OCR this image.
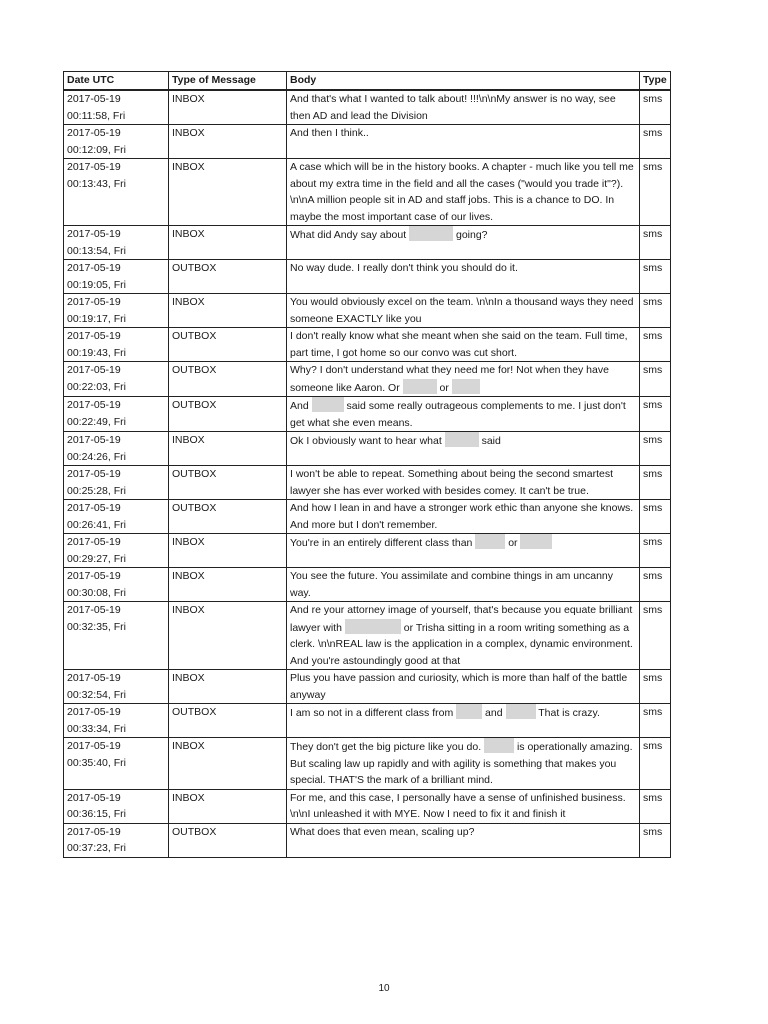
Date UTC	Type of Message	Body	Type

2017-05-19
00:11:58, Fri	INBOX	And that's what I wanted to talk about! !!!\n\nMy answer is no way, see then AD and lead the Division	sms

2017-05-19
00:12:09, Fri	INBOX	And then I think..	sms

2017-05-19
00:13:43, Fri	INBOX	A case which will be in the history books. A chapter - much like you tell me about my extra time in the field and all the cases ("would you trade it"?). \n\nA million people sit in AD and staff jobs. This is a chance to DO. In maybe the most important case of our lives.	sms

2017-05-19
00:13:54, Fri	INBOX	What did Andy say about going?	sms

2017-05-19
00:19:05, Fri	OUTBOX	No way dude. I really don't think you should do it.	sms

2017-05-19
00:19:17, Fri	INBOX	You would obviously excel on the team. \n\nIn a thousand ways they need someone EXACTLY like you	sms

2017-05-19
00:19:43, Fri	OUTBOX	I don't really know what she meant when she said on the team. Full time, part time, I got home so our convo was cut short.	sms

2017-05-19
00:22:03, Fri	OUTBOX	Why? I don't understand what they need me for! Not when they have someone like Aaron. Or or	sms

2017-05-19
00:22:49, Fri	OUTBOX	And said some really outrageous complements to me. I just don't get what she even means.	sms

2017-05-19
00:24:26, Fri	INBOX	Ok I obviously want to hear what said	sms

2017-05-19
00:25:28, Fri	OUTBOX	I won't be able to repeat. Something about being the second smartest lawyer she has ever worked with besides comey. It can't be true.	sms

2017-05-19
00:26:41, Fri	OUTBOX	And how I lean in and have a stronger work ethic than anyone she knows. And more but I don't remember.	sms

2017-05-19
00:29:27, Fri	INBOX	You're in an entirely different class than or	sms

2017-05-19
00:30:08, Fri	INBOX	You see the future. You assimilate and combine things in am uncanny way.	sms

2017-05-19
00:32:35, Fri	INBOX	And re your attorney image of yourself, that's because you equate brilliant lawyer with or Trisha sitting in a room writing something as a clerk. \n\nREAL law is the application in a complex, dynamic environment. And you're astoundingly good at that	sms

2017-05-19
00:32:54, Fri	INBOX	Plus you have passion and curiosity, which is more than half of the battle anyway	sms

2017-05-19
00:33:34, Fri	OUTBOX	I am so not in a different class from  and That is crazy.	sms

2017-05-19
00:35:40, Fri	INBOX	They don't get the big picture like you do. is operationally amazing. But scaling law up rapidly and with agility is something that makes you special. THAT'S the mark of a brilliant mind.	sms

2017-05-19
00:36:15, Fri	INBOX	For me, and this case, I personally have a sense of unfinished business. \n\nI unleashed it with MYE. Now I need to fix it and finish it	sms

2017-05-19
00:37:23, Fri	OUTBOX	What does that even mean, scaling up?	sms
10
